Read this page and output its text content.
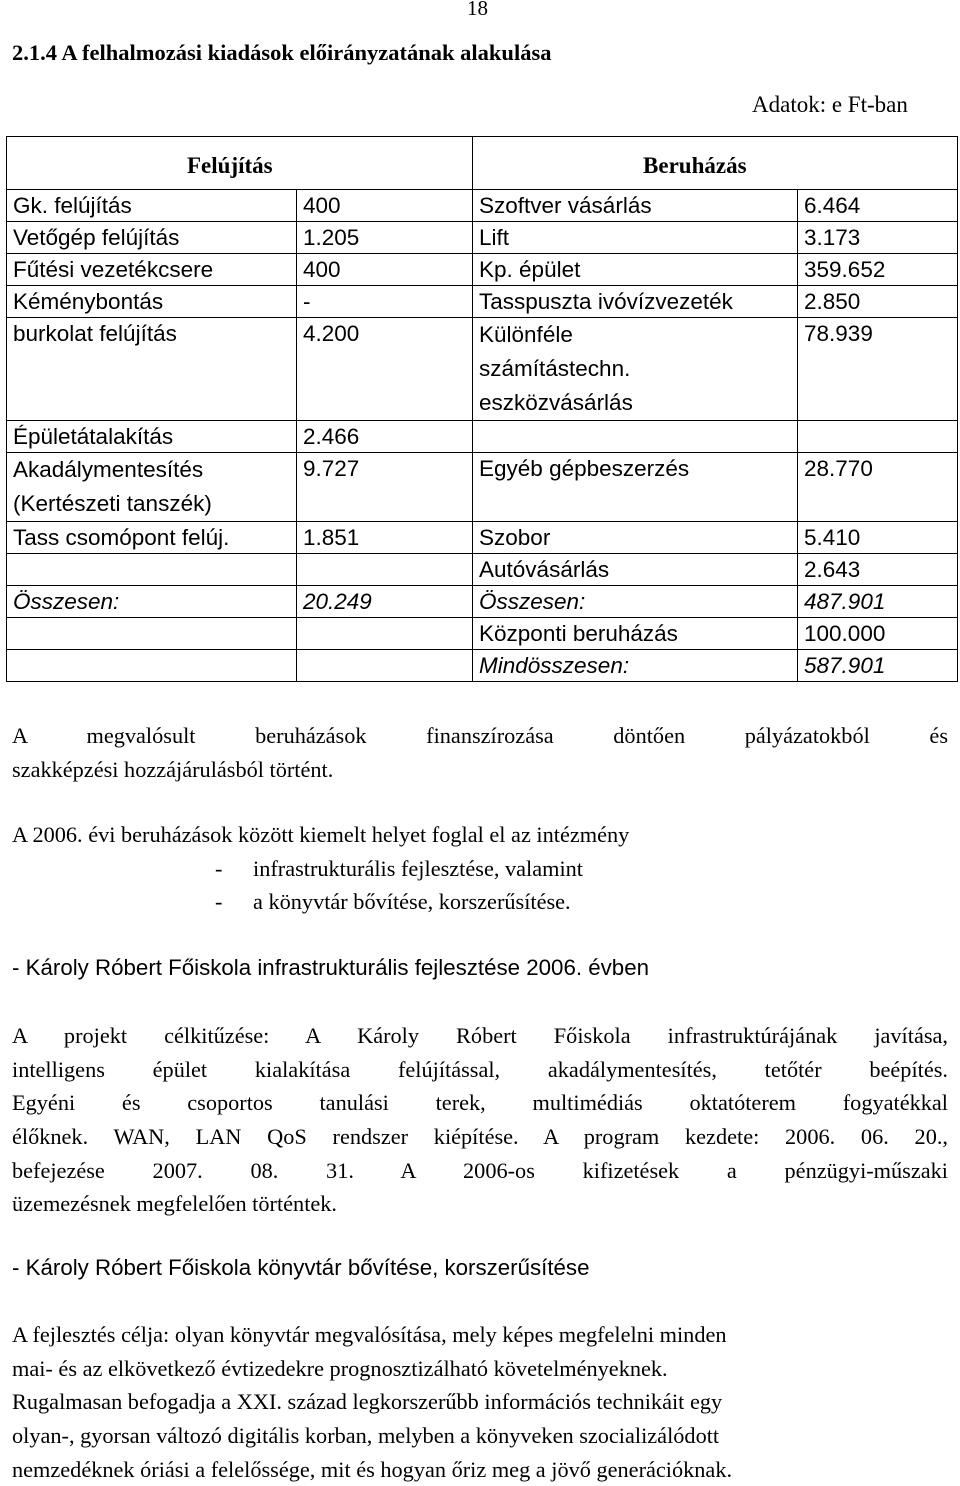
18
2.1.4 A felhalmozási kiadások előirányzatának alakulása
Adatok: e Ft-ban
Felújítás		Beruházás	
Gk. felújítás	400	Szoftver vásárlás	6.464
Vetőgép felújítás	1.205	Lift	3.173
Fűtési vezetékcsere	400	Kp. épület	359.652
Kéménybontás	-	Tasspuszta ivóvízvezeték	2.850
burkolat felújítás	4.200	Különféle számítástechn. eszközvásárlás	78.939
Épületátalakítás	2.466		
Akadálymentesítés (Kertészeti tanszék)	9.727	Egyéb gépbeszerzés	28.770
Tass csomópont felúj.	1.851	Szobor	5.410
		Autóvásárlás	2.643
Összesen:	20.249	Összesen:	487.901
		Központi beruházás	100.000
		Mindösszesen:	587.901
A megvalósult beruházások finanszírozása döntően pályázatokból és
szakképzési hozzájárulásból történt.
A 2006. évi beruházások között kiemelt helyet foglal el az intézmény
- infrastrukturális fejlesztése, valamint
- a könyvtár bővítése, korszerűsítése.
- Károly Róbert Főiskola infrastrukturális fejlesztése 2006. évben
A projekt célkitűzése: A Károly Róbert Főiskola infrastruktúrájának javítása,
intelligens épület kialakítása felújítással, akadálymentesítés, tetőtér beépítés.
Egyéni és csoportos tanulási terek, multimédiás oktatóterem fogyatékkal
élőknek. WAN, LAN QoS rendszer kiépítése. A program kezdete: 2006. 06. 20.,
befejezése 2007. 08. 31. A 2006-os kifizetések a pénzügyi-műszaki
üzemezésnek megfelelően történtek.
- Károly Róbert Főiskola könyvtár bővítése, korszerűsítése
A fejlesztés célja: olyan könyvtár megvalósítása, mely képes megfelelni minden
mai- és az elkövetkező évtizedekre prognosztizálható követelményeknek.
Rugalmasan befogadja a XXI. század legkorszerűbb információs technikáit egy
olyan-, gyorsan változó digitális korban, melyben a könyveken szocializálódott
nemzedéknek óriási a felelőssége, mit és hogyan őriz meg a jövő generációknak.
